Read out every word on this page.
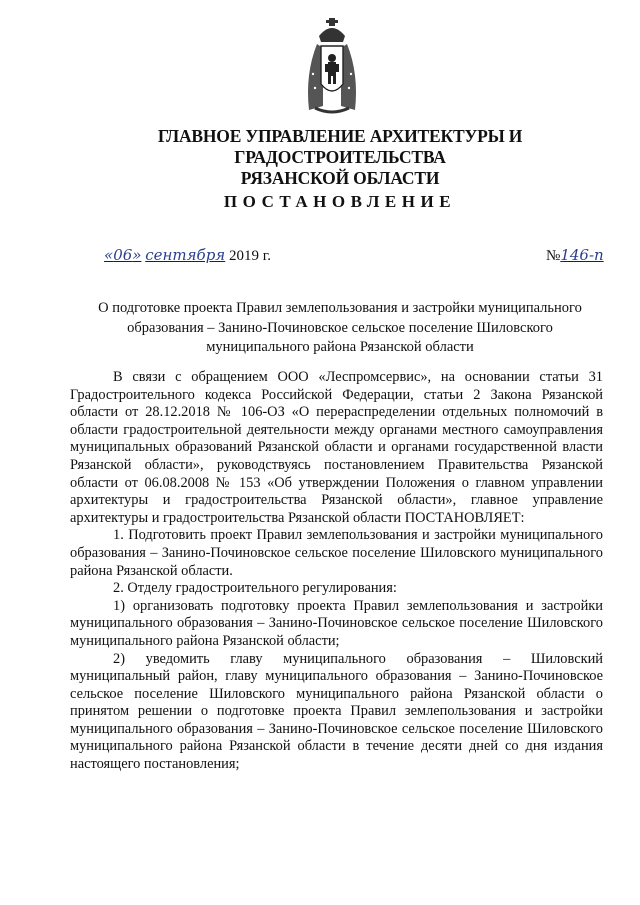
ГЛАВНОЕ УПРАВЛЕНИЕ АРХИТЕКТУРЫ И ГРАДОСТРОИТЕЛЬСТВА
РЯЗАНСКОЙ ОБЛАСТИ
ПОСТАНОВЛЕНИЕ
«06» сентября 2019 г.	№146-п
О подготовке проекта Правил землепользования и застройки муниципального
образования – Занино-Починовское сельское поселение Шиловского
муниципального района Рязанской области

В связи с обращением ООО «Леспромсервис», на основании статьи 31 Градостроительного кодекса Российской Федерации, статьи 2 Закона Рязанской области от 28.12.2018 № 106-ОЗ «О перераспределении отдельных полномочий в области градостроительной деятельности между органами местного самоуправления муниципальных образований Рязанской области и органами государственной власти Рязанской области», руководствуясь постановлением Правительства Рязанской области от 06.08.2008 № 153 «Об утверждении Положения о главном управлении архитектуры и градостроительства Рязанской области», главное управление архитектуры и градостроительства Рязанской области ПОСТАНОВЛЯЕТ:

1. Подготовить проект Правил землепользования и застройки муниципального образования – Занино-Починовское сельское поселение Шиловского муниципального района Рязанской области.

2. Отделу градостроительного регулирования:

1) организовать подготовку проекта Правил землепользования и застройки муниципального образования – Занино-Починовское сельское поселение Шиловского муниципального района Рязанской области;

2) уведомить главу муниципального образования – Шиловский муниципальный район, главу муниципального образования – Занино-Починовское сельское поселение Шиловского муниципального района Рязанской области о принятом решении о подготовке проекта Правил землепользования и застройки муниципального образования – Занино-Починовское сельское поселение Шиловского муниципального района Рязанской области в течение десяти дней со дня издания настоящего постановления;
